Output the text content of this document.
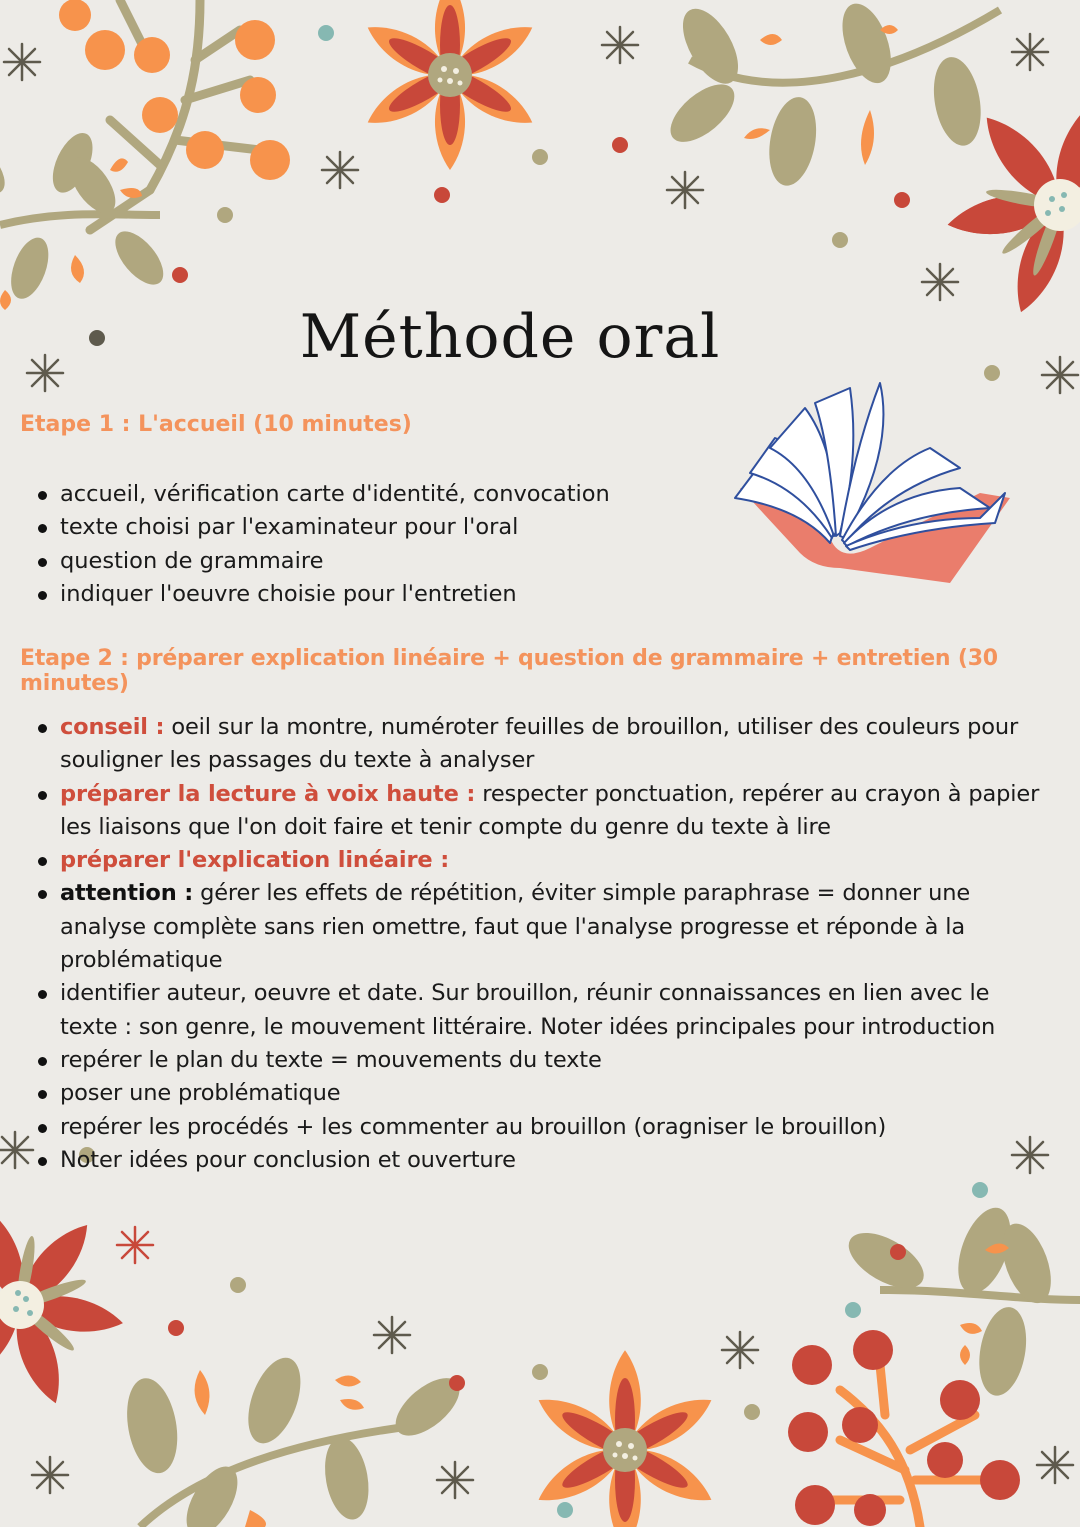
Méthode oral
Etape 1 : L'accueil (10 minutes)
accueil, vérification carte d'identité, convocation
texte choisi par l'examinateur pour l'oral
question de grammaire
indiquer l'oeuvre choisie pour l'entretien
Etape 2 : préparer explication linéaire + question de grammaire + entretien (30 minutes)
conseil : oeil sur la montre, numéroter feuilles de brouillon, utiliser des couleurs pour souligner les passages du texte à analyser
préparer la lecture à voix haute : respecter ponctuation, repérer au crayon à papier les liaisons que l'on doit faire et tenir compte du genre du texte à lire
préparer l'explication linéaire :
attention : gérer les effets de répétition, éviter simple paraphrase = donner une analyse complète sans rien omettre, faut que l'analyse progresse et réponde à la problématique
identifier auteur, oeuvre et date. Sur brouillon, réunir connaissances en lien avec le texte : son genre, le mouvement littéraire. Noter idées principales pour introduction
repérer le plan du texte = mouvements du texte
poser une problématique
repérer les procédés + les commenter au brouillon (oragniser le brouillon)
Noter idées pour conclusion et ouverture
